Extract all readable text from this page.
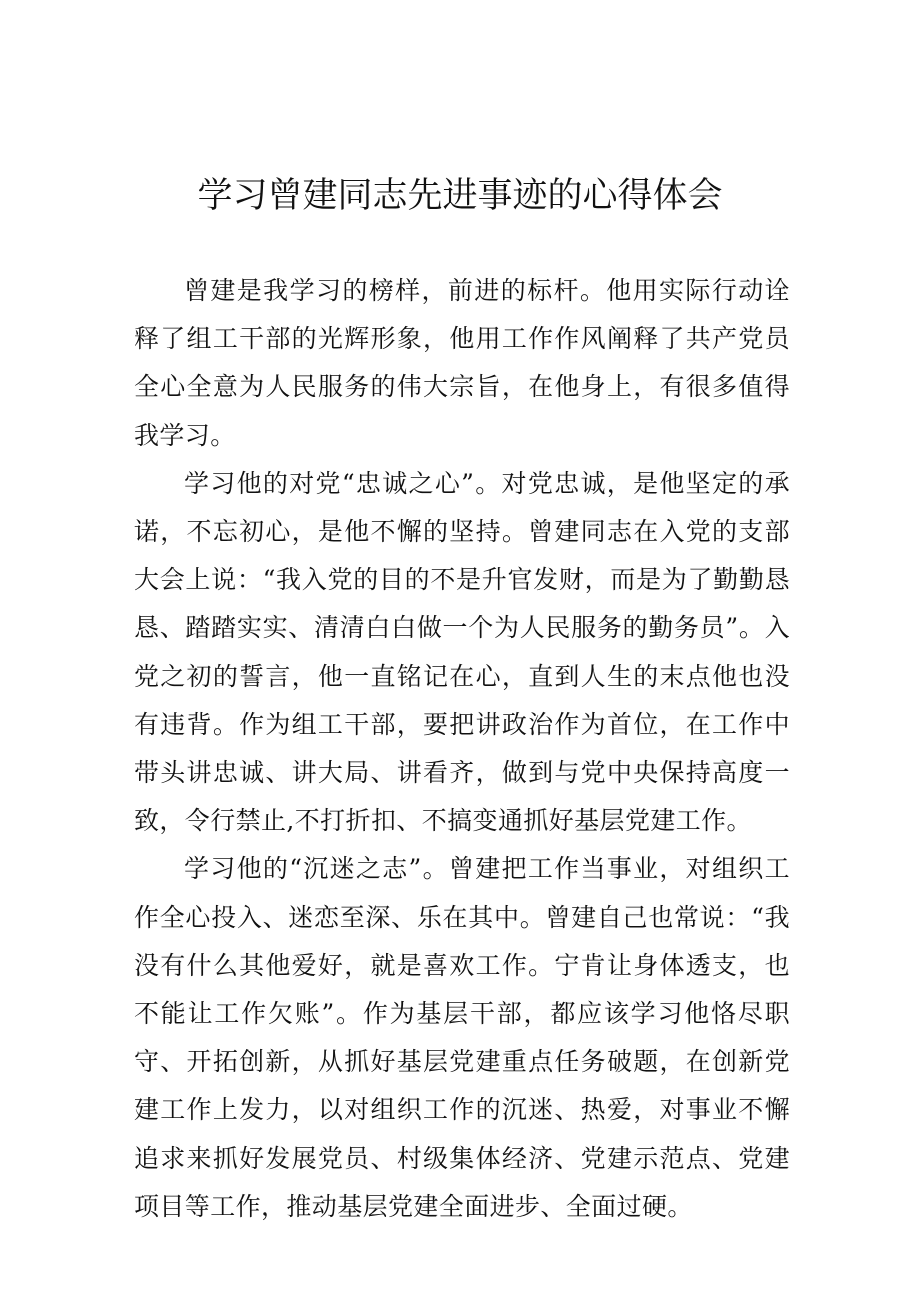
学习曾建同志先进事迹的心得体会

曾建是我学习的榜样，前进的标杆。他用实际行动诠释了组工干部的光辉形象，他用工作作风阐释了共产党员全心全意为人民服务的伟大宗旨，在他身上，有很多值得我学习。

学习他的对党“忠诚之心”。对党忠诚，是他坚定的承诺，不忘初心，是他不懈的坚持。曾建同志在入党的支部大会上说：“我入党的目的不是升官发财，而是为了勤勤恳恳、踏踏实实、清清白白做一个为人民服务的勤务员”。入党之初的誓言，他一直铭记在心，直到人生的末点他也没有违背。作为组工干部，要把讲政治作为首位，在工作中带头讲忠诚、讲大局、讲看齐，做到与党中央保持高度一致，令行禁止,不打折扣、不搞变通抓好基层党建工作。

学习他的“沉迷之志”。曾建把工作当事业，对组织工作全心投入、迷恋至深、乐在其中。曾建自己也常说：“我没有什么其他爱好，就是喜欢工作。宁肯让身体透支，也不能让工作欠账”。作为基层干部，都应该学习他恪尽职守、开拓创新，从抓好基层党建重点任务破题，在创新党建工作上发力，以对组织工作的沉迷、热爱，对事业不懈追求来抓好发展党员、村级集体经济、党建示范点、党建项目等工作，推动基层党建全面进步、全面过硬。
